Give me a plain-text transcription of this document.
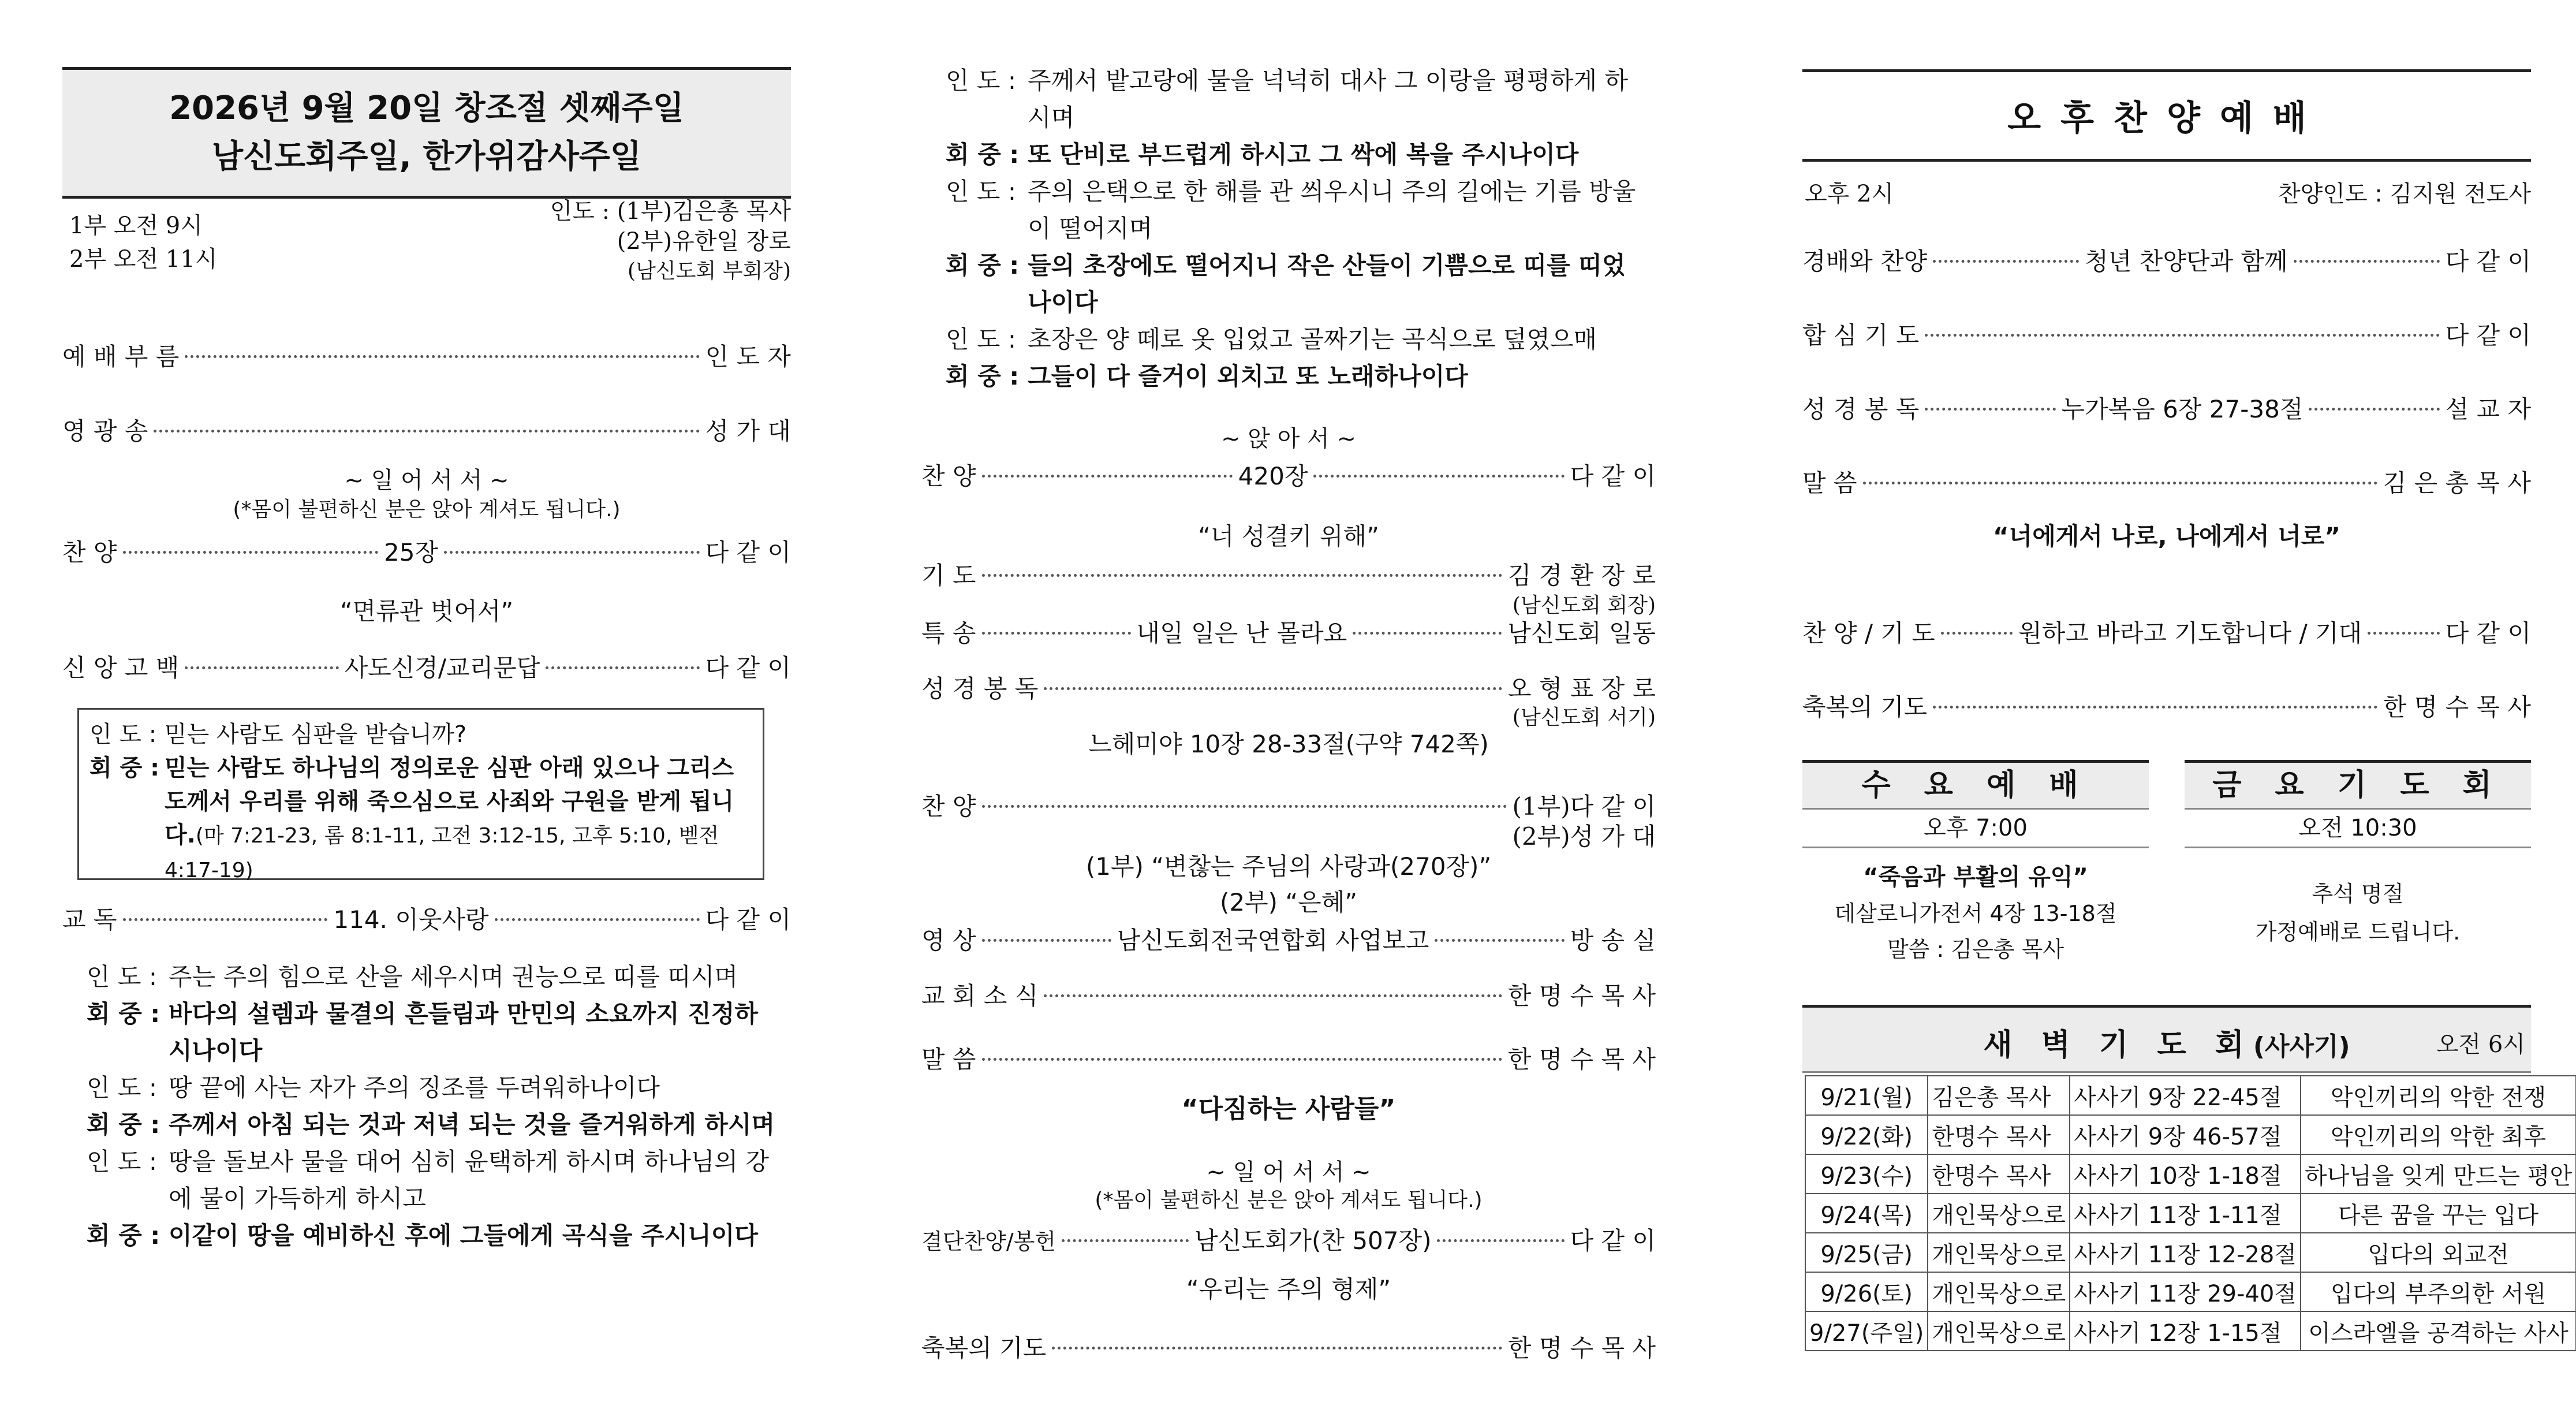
2026년 9월 20일 창조절 셋째주일
남신도회주일, 한가위감사주일
1부 오전 9시
2부 오전 11시
인도 : (1부)김은총 목사
(2부)유한일 장로
(남신도회 부회장)
예 배 부 름	인 도 자
영 광 송	성 가 대
~ 일 어 서 서 ~
(*몸이 불편하신 분은 앉아 계셔도 됩니다.)
찬 양	25장	다 같 이
“면류관 벗어서”
신 앙 고 백	사도신경/교리문답	다 같 이
인 도 : 믿는 사람도 심판을 받습니까?
회 중 : 믿는 사람도 하나님의 정의로운 심판 아래 있으나 그리스도께서 우리를 위해 죽으심으로 사죄와 구원을 받게 됩니다.(마 7:21-23, 롬 8:1-11, 고전 3:12-15, 고후 5:10, 벧전 4:17-19)
교 독	114. 이웃사랑	다 같 이
인 도 : 주는 주의 힘으로 산을 세우시며 권능으로 띠를 띠시며
회 중 : 바다의 설렘과 물결의 흔들림과 만민의 소요까지 진정하시나이다
인 도 : 땅 끝에 사는 자가 주의 징조를 두려워하나이다
회 중 : 주께서 아침 되는 것과 저녁 되는 것을 즐거워하게 하시며
인 도 : 땅을 돌보사 물을 대어 심히 윤택하게 하시며 하나님의 강에 물이 가득하게 하시고
회 중 : 이같이 땅을 예비하신 후에 그들에게 곡식을 주시니이다
인 도 : 주께서 밭고랑에 물을 넉넉히 대사 그 이랑을 평평하게 하시며
회 중 : 또 단비로 부드럽게 하시고 그 싹에 복을 주시나이다
인 도 : 주의 은택으로 한 해를 관 씌우시니 주의 길에는 기름 방울이 떨어지며
회 중 : 들의 초장에도 떨어지니 작은 산들이 기쁨으로 띠를 띠었나이다
인 도 : 초장은 양 떼로 옷 입었고 골짜기는 곡식으로 덮였으매
회 중 : 그들이 다 즐거이 외치고 또 노래하나이다
~ 앉 아 서 ~
찬 양	420장	다 같 이
“너 성결키 위해”
기 도	김 경 환 장 로
(남신도회 회장)
특 송	내일 일은 난 몰라요	남신도회 일동
성 경 봉 독	오 형 표 장 로
(남신도회 서기)
느헤미야 10장 28-33절(구약 742쪽)
찬 양	(1부)다 같 이
(2부)성 가 대
(1부) “변찮는 주님의 사랑과(270장)”
(2부) “은혜”
영 상	남신도회전국연합회 사업보고	방 송 실
교 회 소 식	한 명 수 목 사
말 씀	한 명 수 목 사
“다짐하는 사람들”
~ 일 어 서 서 ~
(*몸이 불편하신 분은 앉아 계셔도 됩니다.)
결단찬양/봉헌	남신도회가(찬 507장)	다 같 이
“우리는 주의 형제”
축복의 기도	한 명 수 목 사
오후찬양예배
오후 2시	찬양인도 : 김지원 전도사
경배와 찬양	청년 찬양단과 함께	다 같 이
합 심 기 도	다 같 이
성 경 봉 독	누가복음 6장 27-38절	설 교 자
말 씀	김 은 총 목 사
“너에게서 나로, 나에게서 너로”
찬 양 / 기 도	원하고 바라고 기도합니다 / 기대	다 같 이
축복의 기도	한 명 수 목 사
수 요 예 배
오후 7:00
“죽음과 부활의 유익”
데살로니가전서 4장 13-18절
말씀 : 김은총 목사
금 요 기 도 회
오전 10:30
추석 명절
가정예배로 드립니다.
새 벽 기 도 회(사사기)	오전 6시
9/21(월)	김은총 목사	사사기 9장 22-45절	악인끼리의 악한 전쟁
9/22(화)	한명수 목사	사사기 9장 46-57절	악인끼리의 악한 최후
9/23(수)	한명수 목사	사사기 10장 1-18절	하나님을 잊게 만드는 평안
9/24(목)	개인묵상으로	사사기 11장 1-11절	다른 꿈을 꾸는 입다
9/25(금)	개인묵상으로	사사기 11장 12-28절	입다의 외교전
9/26(토)	개인묵상으로	사사기 11장 29-40절	입다의 부주의한 서원
9/27(주일)	개인묵상으로	사사기 12장 1-15절	이스라엘을 공격하는 사사
